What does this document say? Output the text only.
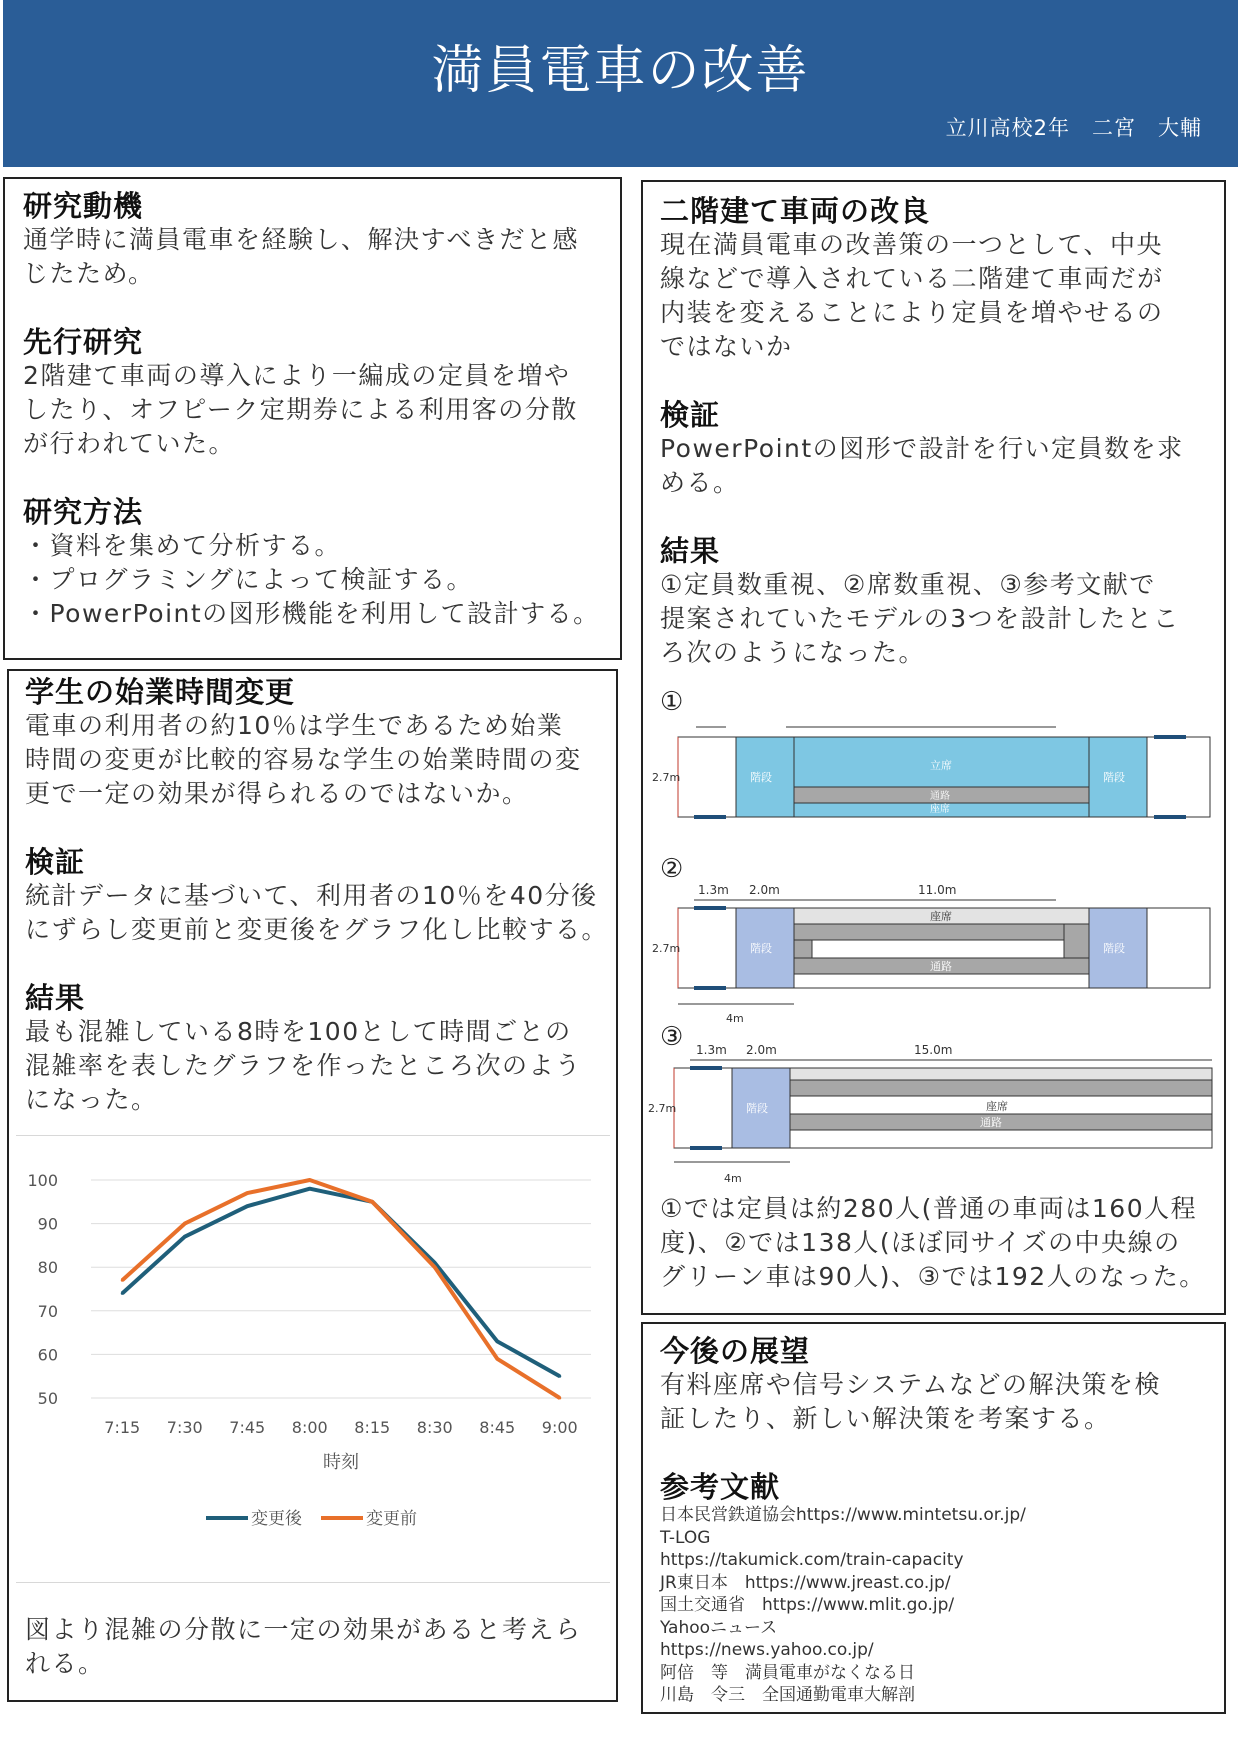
満員電車の改善
立川高校2年　二宮　大輔
研究動機
通学時に満員電車を経験し、解決すべきだと感
じたため。
先行研究
2階建て車両の導入により一編成の定員を増や
したり、オフピーク定期券による利用客の分散
が行われていた。
研究方法
・資料を集めて分析する。
・プログラミングによって検証する。
・PowerPointの図形機能を利用して設計する。
学生の始業時間変更
電車の利用者の約10％は学生であるため始業
時間の変更が比較的容易な学生の始業時間の変
更で一定の効果が得られるのではないか。
検証
統計データに基づいて、利用者の10％を40分後
にずらし変更前と変更後をグラフ化し比較する。
結果
最も混雑している8時を100として時間ごとの
混雑率を表したグラフを作ったところ次のよう
になった。
100
90
80
70
60
50
7:15 7:30 7:45 8:00 8:15 8:30 8:45 9:00
時刻
変更後	変更前
図より混雑の分散に一定の効果があると考えら
れる。
二階建て車両の改良
現在満員電車の改善策の一つとして、中央
線などで導入されている二階建て車両だが
内装を変えることにより定員を増やせるの
ではないか
検証
PowerPointの図形で設計を行い定員数を求
める。
結果
①定員数重視、②席数重視、③参考文献で
提案されていたモデルの3つを設計したとこ
ろ次のようになった。
①
2.7m	階段
立席
通路
座席
階段
②
1.3m 2.0m	11.0m
2.7m
4m
階段
座席
通路
階段
③ 1.3m 2.0m	15.0m
2.7m
4m
階段	座席
通路
①では定員は約280人(普通の車両は160人程
度)、②では138人(ほぼ同サイズの中央線の
グリーン車は90人)、③では192人のなった。
今後の展望
有料座席や信号システムなどの解決策を検
証したり、新しい解決策を考案する。
参考文献
日本民営鉄道協会https://www.mintetsu.or.jp/
T-LOG
https://takumick.com/train-capacity
JR東日本　https://www.jreast.co.jp/
国土交通省　https://www.mlit.go.jp/
Yahooニュース
https://news.yahoo.co.jp/
阿倍　等　満員電車がなくなる日
川島　令三　全国通勤電車大解剖
